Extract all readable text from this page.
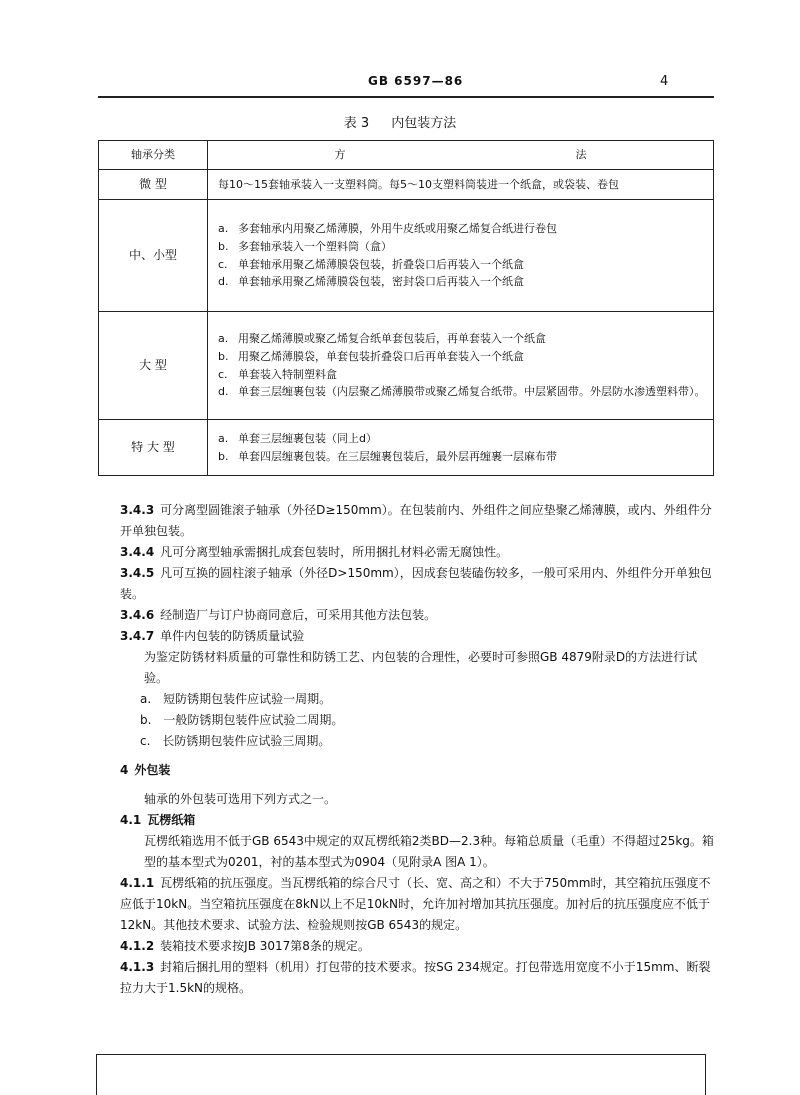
GB 6597—86	4
表 3 内包装方法
轴承分类	方 法
微 型	每10～15套轴承装入一支塑料筒。每5～10支塑料筒装进一个纸盒，或袋装、卷包

中、小型	a. 多套轴承内用聚乙烯薄膜，外用牛皮纸或用聚乙烯复合纸进行卷包
b. 多套轴承装入一个塑料筒（盒）
c. 单套轴承用聚乙烯薄膜袋包装，折叠袋口后再装入一个纸盒
d. 单套轴承用聚乙烯薄膜袋包装，密封袋口后再装入一个纸盒

大 型	a. 用聚乙烯薄膜或聚乙烯复合纸单套包装后，再单套装入一个纸盒
b. 用聚乙烯薄膜袋，单套包装折叠袋口后再单套装入一个纸盒
c. 单套装入特制塑料盒
d. 单套三层缠裹包装（内层聚乙烯薄膜带或聚乙烯复合纸带。中层紧固带。外层防水渗透塑料带）。

特 大 型	a. 单套三层缠裹包装（同上d）
b. 单套四层缠裹包装。在三层缠裹包装后，最外层再缠裹一层麻布带

3.4.3 可分离型圆锥滚子轴承（外径D≥150mm）。在包装前内、外组件之间应垫聚乙烯薄膜，或内、外组件分开单独包装。

3.4.4 凡可分离型轴承需捆扎成套包装时，所用捆扎材料必需无腐蚀性。

3.4.5 凡可互换的圆柱滚子轴承（外径D>150mm），因成套包装磕伤较多，一般可采用内、外组件分开单独包装。

3.4.6 经制造厂与订户协商同意后，可采用其他方法包装。

3.4.7 单件内包装的防锈质量试验

为鉴定防锈材料质量的可靠性和防锈工艺、内包装的合理性，必要时可参照GB 4879附录D的方法进行试验。

a.　短防锈期包装件应试验一周期。

b.　一般防锈期包装件应试验二周期。

c.　长防锈期包装件应试验三周期。

4 外包装

轴承的外包装可选用下列方式之一。

4.1 瓦楞纸箱

瓦楞纸箱选用不低于GB 6543中规定的双瓦楞纸箱2类BD—2.3种。每箱总质量（毛重）不得超过25kg。箱型的基本型式为0201，衬的基本型式为0904（见附录A 图A 1）。

4.1.1 瓦楞纸箱的抗压强度。当瓦楞纸箱的综合尺寸（长、宽、高之和）不大于750mm时，其空箱抗压强度不应低于10kN。当空箱抗压强度在8kN以上不足10kN时，允许加衬增加其抗压强度。加衬后的抗压强度应不低于12kN。其他技术要求、试验方法、检验规则按GB 6543的规定。

4.1.2 装箱技术要求按JB 3017第8条的规定。

4.1.3 封箱后捆扎用的塑料（机用）打包带的技术要求。按SG 234规定。打包带选用宽度不小于15mm、断裂拉力大于1.5kN的规格。
